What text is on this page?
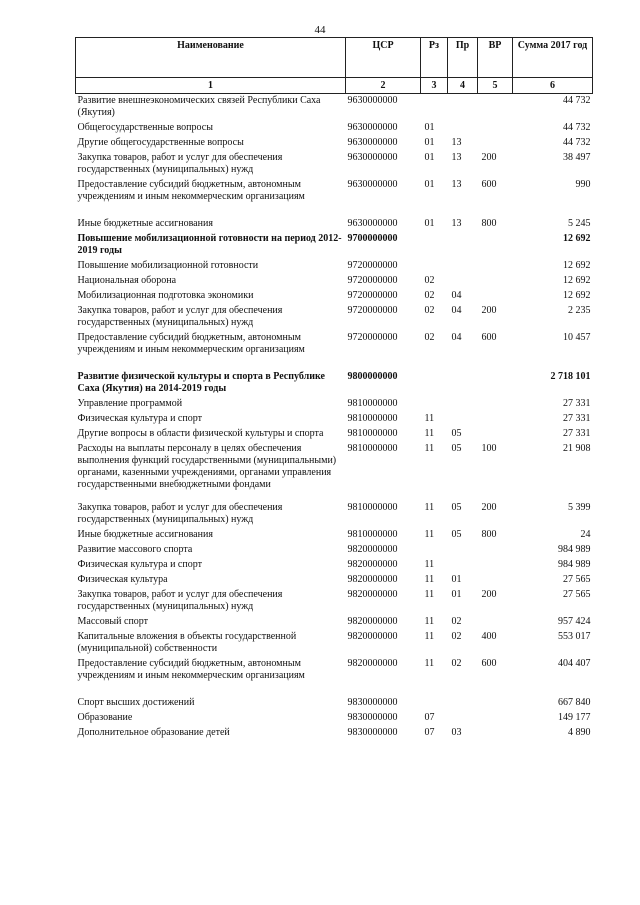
44
Наименование	ЦСР	Рз	Пр	ВР	Сумма 2017 год
1	2	3	4	5	6
Развитие внешнеэкономических связей Республики Саха (Якутия)	9630000000				44 732
Общегосударственные вопросы	9630000000	01			44 732
Другие общегосударственные вопросы	9630000000	01	13		44 732
Закупка товаров, работ и услуг для обеспечения государственных (муниципальных) нужд	9630000000	01	13	200	38 497
Предоставление субсидий бюджетным, автономным учреждениям и иным некоммерческим организациям	9630000000	01	13	600	990

Иные бюджетные ассигнования	9630000000	01	13	800	5 245
Повышение мобилизационной готовности на период 2012-2019 годы	9700000000				12 692
Повышение мобилизационной готовности	9720000000				12 692
Национальная оборона	9720000000	02			12 692
Мобилизационная подготовка экономики	9720000000	02	04		12 692
Закупка товаров, работ и услуг для обеспечения государственных (муниципальных) нужд	9720000000	02	04	200	2 235
Предоставление субсидий бюджетным, автономным учреждениям и иным некоммерческим организациям	9720000000	02	04	600	10 457

Развитие физической культуры и спорта в Республике Саха (Якутия) на 2014-2019 годы	9800000000				2 718 101
Управление программой	9810000000				27 331
Физическая культура и спорт	9810000000	11			27 331
Другие вопросы в области физической культуры и спорта	9810000000	11	05		27 331
Расходы на выплаты персоналу в целях обеспечения выполнения функций государственными (муниципальными) органами, казенными учреждениями, органами управления государственными внебюджетными фондами	9810000000	11	05	100	21 908

Закупка товаров, работ и услуг для обеспечения государственных (муниципальных) нужд	9810000000	11	05	200	5 399
Иные бюджетные ассигнования	9810000000	11	05	800	24
Развитие массового спорта	9820000000				984 989
Физическая культура и спорт	9820000000	11			984 989
Физическая культура	9820000000	11	01		27 565
Закупка товаров, работ и услуг для обеспечения государственных (муниципальных) нужд	9820000000	11	01	200	27 565
Массовый спорт	9820000000	11	02		957 424
Капитальные вложения в объекты государственной (муниципальной) собственности	9820000000	11	02	400	553 017
Предоставление субсидий бюджетным, автономным учреждениям и иным некоммерческим организациям	9820000000	11	02	600	404 407

Спорт высших достижений	9830000000				667 840
Образование	9830000000	07			149 177
Дополнительное образование детей	9830000000	07	03		4 890
